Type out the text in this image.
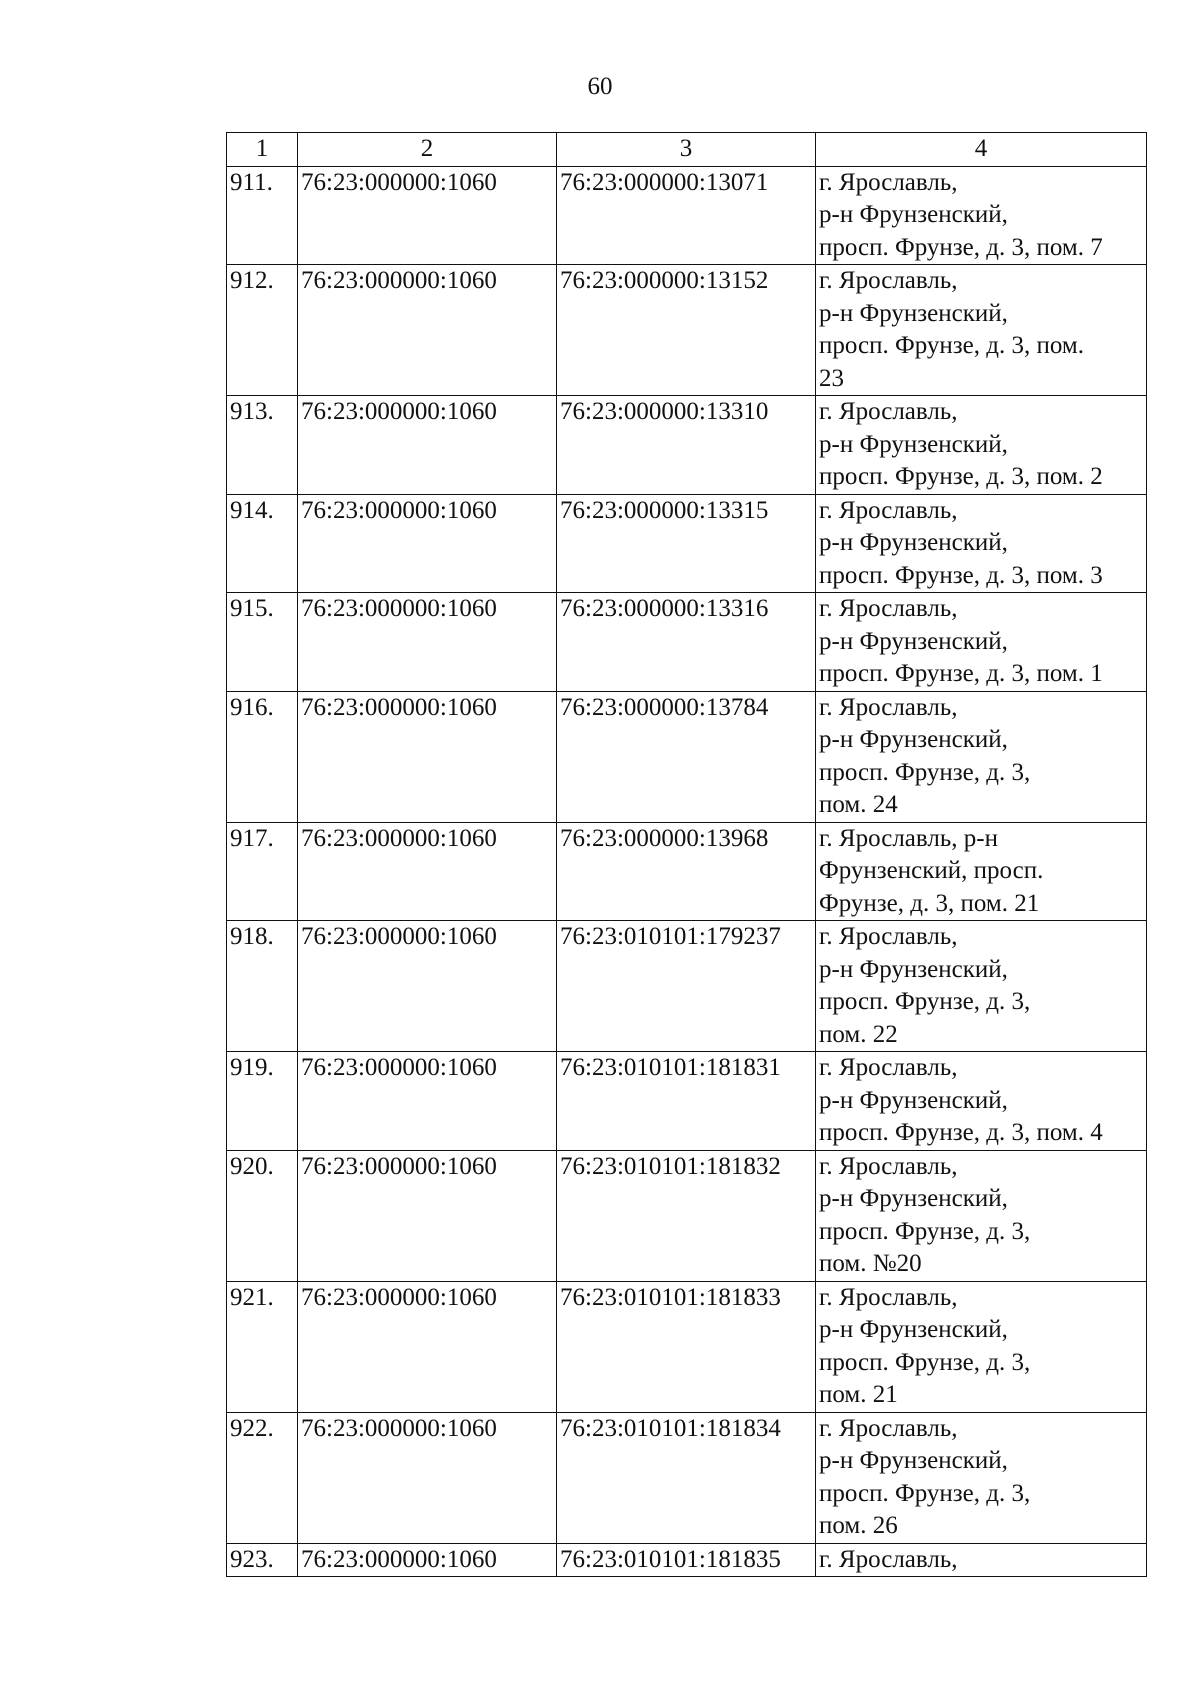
60
1	2	3	4
911.	76:23:000000:1060	76:23:000000:13071	г. Ярославль,
р-н Фрунзенский,
просп. Фрунзе, д. 3, пом. 7

912.	76:23:000000:1060	76:23:000000:13152	г. Ярославль,
р-н Фрунзенский,
просп. Фрунзе, д. 3, пом.
23

913.	76:23:000000:1060	76:23:000000:13310	г. Ярославль,
р-н Фрунзенский,
просп. Фрунзе, д. 3, пом. 2

914.	76:23:000000:1060	76:23:000000:13315	г. Ярославль,
р-н Фрунзенский,
просп. Фрунзе, д. 3, пом. 3

915.	76:23:000000:1060	76:23:000000:13316	г. Ярославль,
р-н Фрунзенский,
просп. Фрунзе, д. 3, пом. 1

916.	76:23:000000:1060	76:23:000000:13784	г. Ярославль,
р-н Фрунзенский,
просп. Фрунзе, д. 3,
пом. 24

917.	76:23:000000:1060	76:23:000000:13968	г. Ярославль, р-н
Фрунзенский, просп.
Фрунзе, д. 3, пом. 21

918.	76:23:000000:1060	76:23:010101:179237	г. Ярославль,
р-н Фрунзенский,
просп. Фрунзе, д. 3,
пом. 22

919.	76:23:000000:1060	76:23:010101:181831	г. Ярославль,
р-н Фрунзенский,
просп. Фрунзе, д. 3, пом. 4

920.	76:23:000000:1060	76:23:010101:181832	г. Ярославль,
р-н Фрунзенский,
просп. Фрунзе, д. 3,
пом. №20

921.	76:23:000000:1060	76:23:010101:181833	г. Ярославль,
р-н Фрунзенский,
просп. Фрунзе, д. 3,
пом. 21

922.	76:23:000000:1060	76:23:010101:181834	г. Ярославль,
р-н Фрунзенский,
просп. Фрунзе, д. 3,
пом. 26

923.	76:23:000000:1060	76:23:010101:181835	г. Ярославль,
